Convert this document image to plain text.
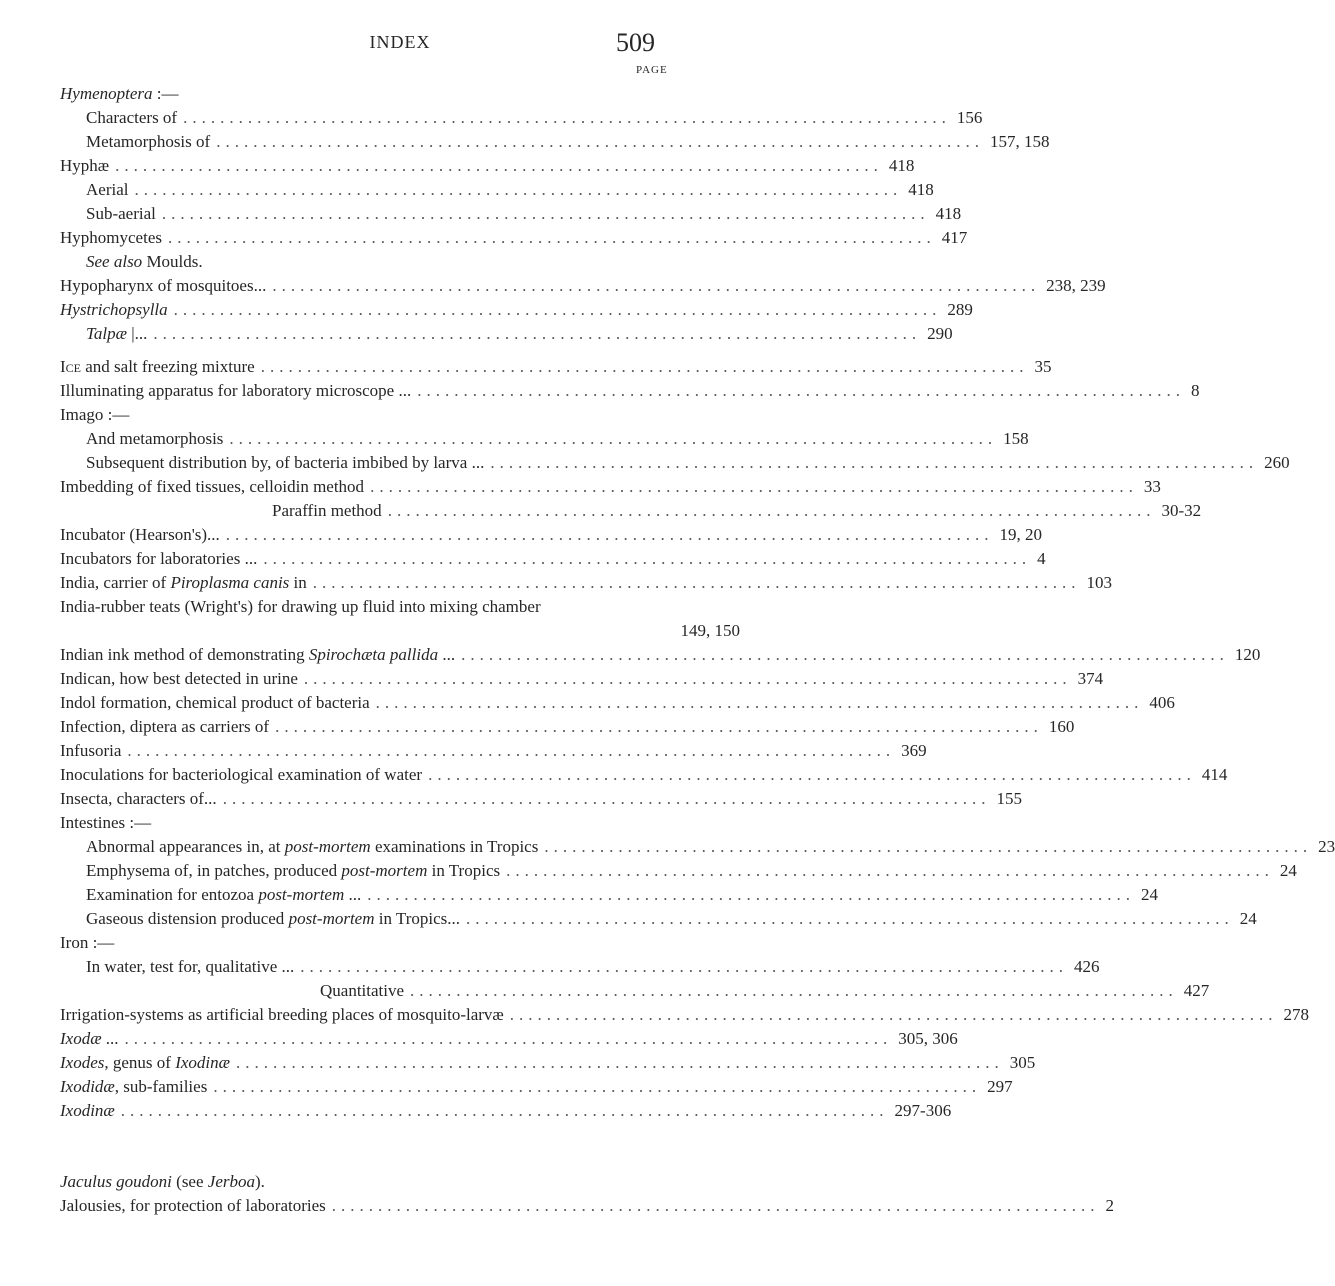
INDEX	509
PAGE
Hymenoptera :—
Characters of ................................................................................... 156
Metamorphosis of ................................................................................... 157, 158
Hyphæ ................................................................................... 418
Aerial ................................................................................... 418
Sub-aerial ................................................................................... 418
Hyphomycetes ................................................................................... 417
See also Moulds.
Hypopharynx of mosquitoes... ................................................................................... 238, 239
Hystrichopsylla ................................................................................... 289
Talpæ |... ................................................................................... 290
Ice and salt freezing mixture ................................................................................... 35
Illuminating apparatus for laboratory microscope ... ................................................................................... 8
Imago :—
And metamorphosis ................................................................................... 158
Subsequent distribution by, of bacteria imbibed by larva ... ................................................................................... 260
Imbedding of fixed tissues, celloidin method ................................................................................... 33
Paraffin method ................................................................................... 30-32
Incubator (Hearson's)... ................................................................................... 19, 20
Incubators for laboratories ... ................................................................................... 4
India, carrier of Piroplasma canis in ................................................................................... 103
India-rubber teats (Wright's) for drawing up fluid into mixing chamber
149, 150
Indian ink method of demonstrating Spirochæta pallida ... ................................................................................... 120
Indican, how best detected in urine ................................................................................... 374
Indol formation, chemical product of bacteria ................................................................................... 406
Infection, diptera as carriers of ................................................................................... 160
Infusoria ................................................................................... 369
Inoculations for bacteriological examination of water ................................................................................... 414
Insecta, characters of... ................................................................................... 155
Intestines :—
Abnormal appearances in, at post-mortem examinations in Tropics ................................................................................... 23
Emphysema of, in patches, produced post-mortem in Tropics ................................................................................... 24
Examination for entozoa post-mortem ... ................................................................................... 24
Gaseous distension produced post-mortem in Tropics... ................................................................................... 24
Iron :—
In water, test for, qualitative ... ................................................................................... 426
Quantitative ................................................................................... 427
Irrigation-systems as artificial breeding places of mosquito-larvæ ................................................................................... 278
Ixodæ ... ................................................................................... 305, 306
Ixodes, genus of Ixodinæ ................................................................................... 305
Ixodidæ, sub-families ................................................................................... 297
Ixodinæ ................................................................................... 297-306
Jaculus goudoni (see Jerboa).
Jalousies, for protection of laboratories ................................................................................... 2
